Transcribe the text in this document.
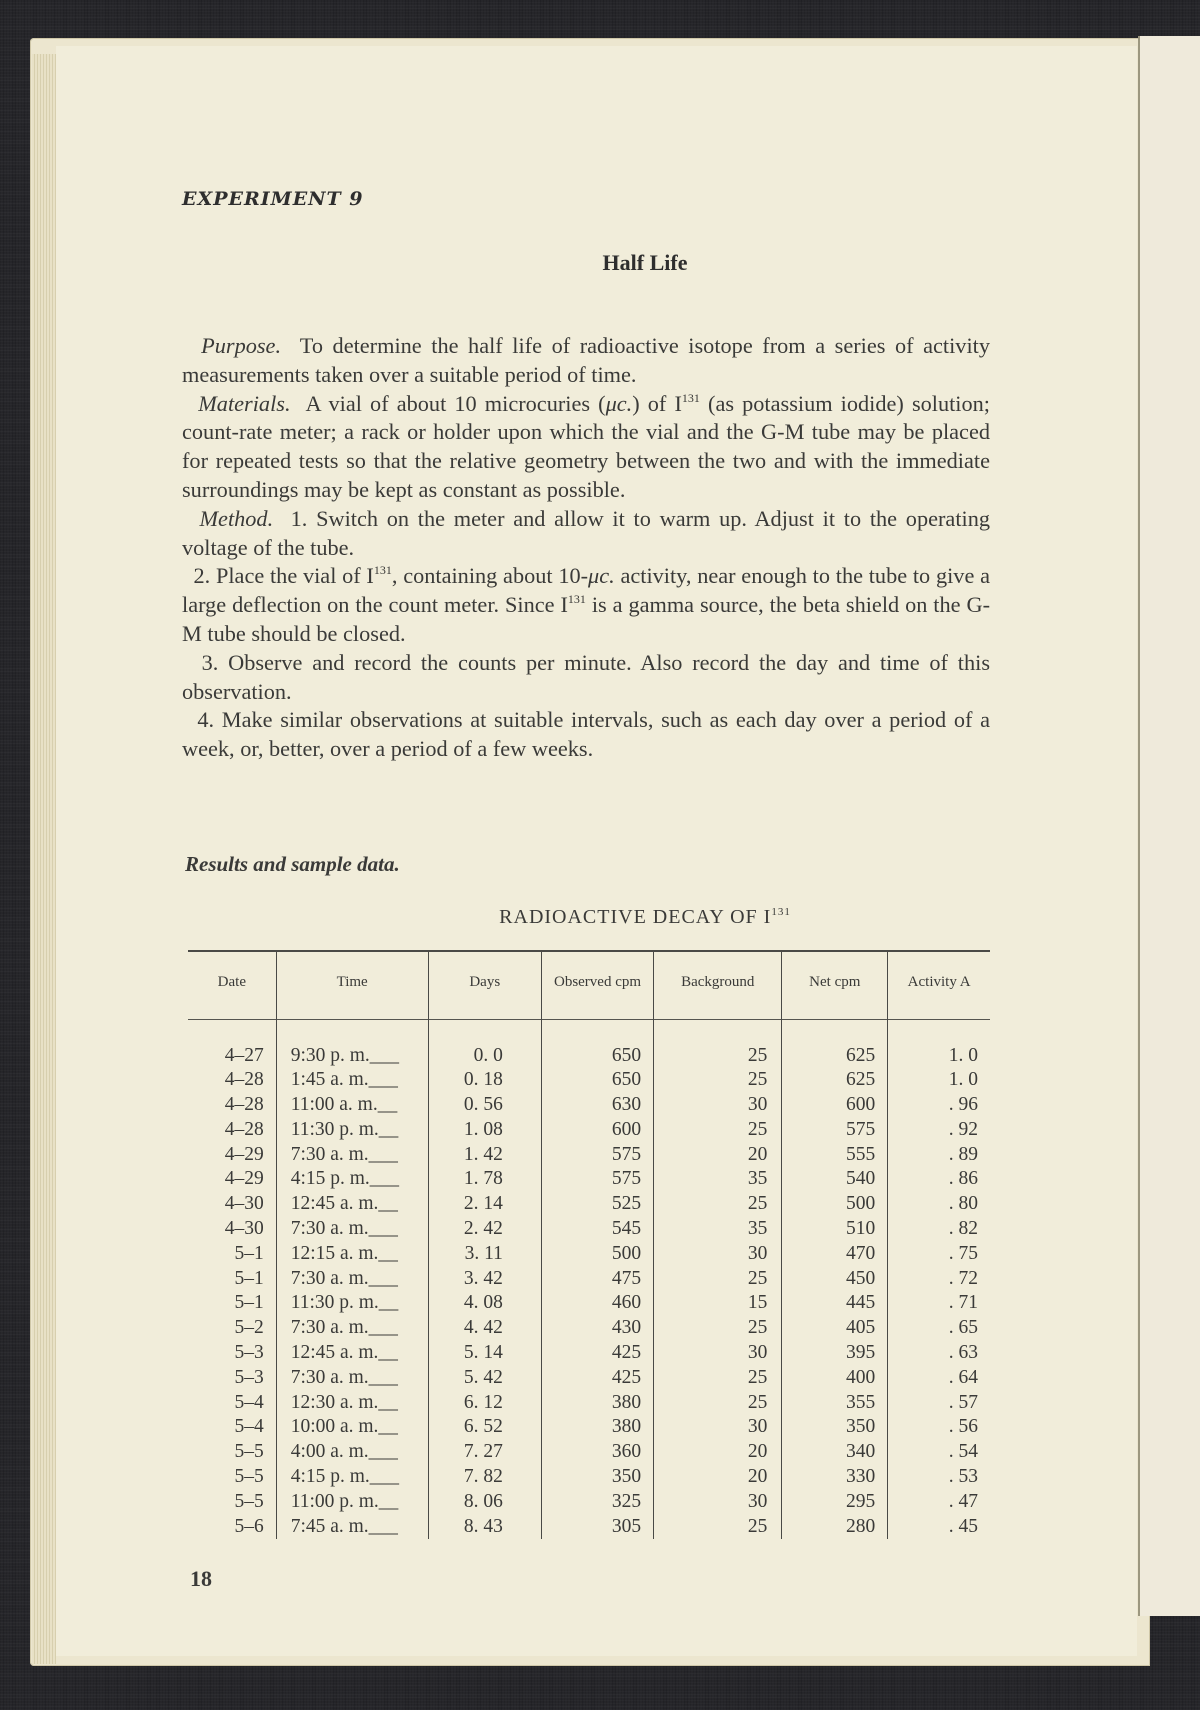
EXPERIMENT 9
Half Life

Purpose. To determine the half life of radioactive isotope from a series of activity measurements taken over a suitable period of time.

Materials. A vial of about 10 microcuries (μc.) of $I^{131}$ (as potassium iodide) solution; count-rate meter; a rack or holder upon which the vial and the G-M tube may be placed for repeated tests so that the relative geometry between the two and with the immediate surroundings may be kept as constant as possible.

Method. 1. Switch on the meter and allow it to warm up. Adjust it to the operating voltage of the tube.

2. Place the vial of $I^{131}$, containing about 10-μc. activity, near enough to the tube to give a large deflection on the count meter. Since $I^{131}$ is a gamma source, the beta shield on the G-M tube should be closed.

3. Observe and record the counts per minute. Also record the day and time of this observation.

4. Make similar observations at suitable intervals, such as each day over a period of a week, or, better, over a period of a few weeks.

Results and sample data.
RADIOACTIVE DECAY OF $I^{131}$
Date	Time	Days	Observed cpm	Background	Net cpm	Activity A

4–27	9:30 p. m.___	0. 0	650	25	625	1. 0
4–28	1:45 a. m.___	0. 18	650	25	625	1. 0
4–28	11:00 a. m.__	0. 56	630	30	600	. 96
4–28	11:30 p. m.__	1. 08	600	25	575	. 92
4–29	7:30 a. m.___	1. 42	575	20	555	. 89
4–29	4:15 p. m.___	1. 78	575	35	540	. 86
4–30	12:45 a. m.__	2. 14	525	25	500	. 80
4–30	7:30 a. m.___	2. 42	545	35	510	. 82
5–1	12:15 a. m.__	3. 11	500	30	470	. 75
5–1	7:30 a. m.___	3. 42	475	25	450	. 72
5–1	11:30 p. m.__	4. 08	460	15	445	. 71
5–2	7:30 a. m.___	4. 42	430	25	405	. 65
5–3	12:45 a. m.__	5. 14	425	30	395	. 63
5–3	7:30 a. m.___	5. 42	425	25	400	. 64
5–4	12:30 a. m.__	6. 12	380	25	355	. 57
5–4	10:00 a. m.__	6. 52	380	30	350	. 56
5–5	4:00 a. m.___	7. 27	360	20	340	. 54
5–5	4:15 p. m.___	7. 82	350	20	330	. 53
5–5	11:00 p. m.__	8. 06	325	30	295	. 47
5–6	7:45 a. m.___	8. 43	305	25	280	. 45
18
